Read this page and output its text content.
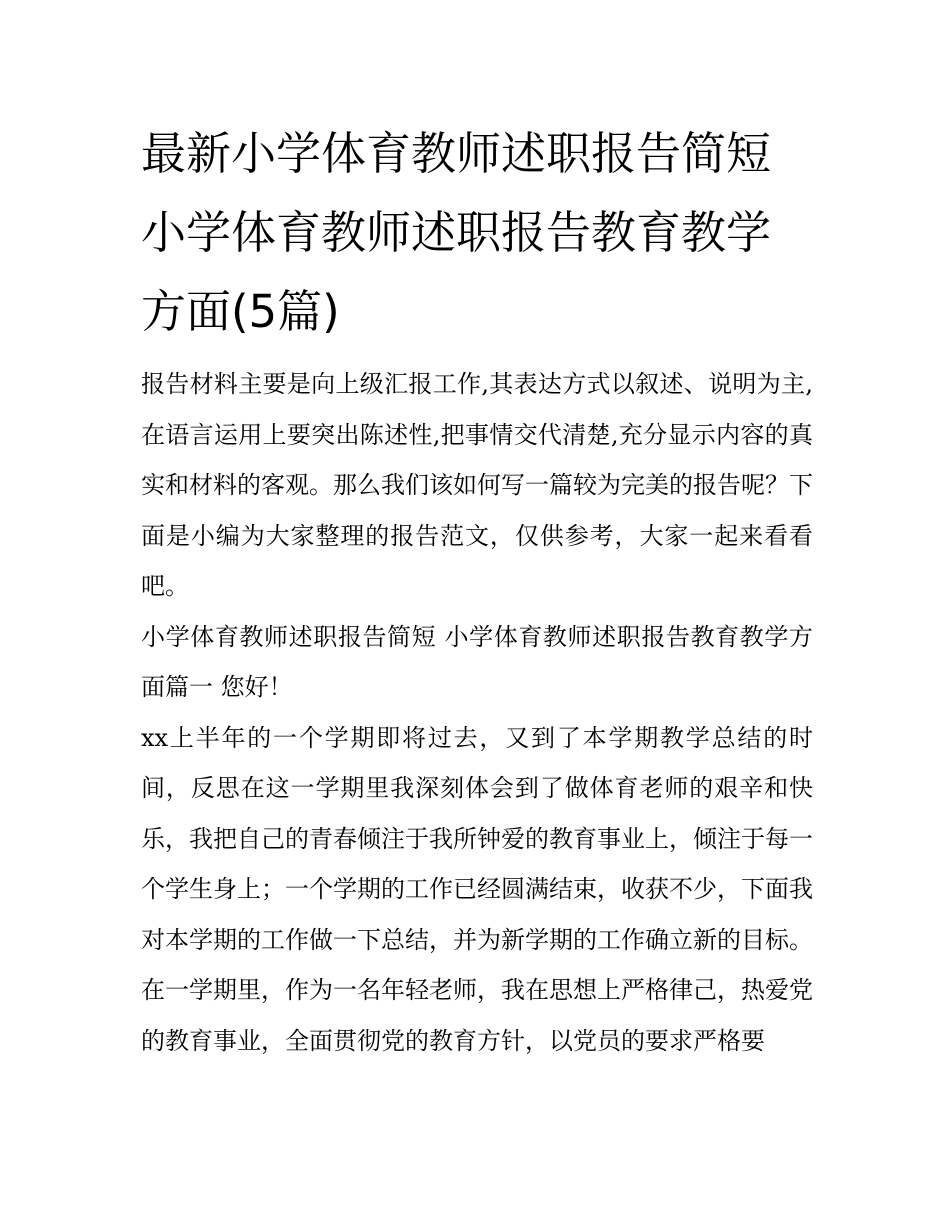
最新小学体育教师述职报告简短 小学体育教师述职报告教育教学方面(5篇)

报告材料主要是向上级汇报工作,其表达方式以叙述、说明为主,在语言运用上要突出陈述性,把事情交代清楚,充分显示内容的真实和材料的客观。那么我们该如何写一篇较为完美的报告呢？下面是小编为大家整理的报告范文，仅供参考，大家一起来看看吧。

小学体育教师述职报告简短 小学体育教师述职报告教育教学方面篇一 您好！

xx上半年的一个学期即将过去，又到了本学期教学总结的时间，反思在这一学期里我深刻体会到了做体育老师的艰辛和快乐，我把自己的青春倾注于我所钟爱的教育事业上，倾注于每一个学生身上；一个学期的工作已经圆满结束，收获不少，下面我对本学期的工作做一下总结，并为新学期的工作确立新的目标。

在一学期里，作为一名年轻老师，我在思想上严格律己，热爱党的教育事业，全面贯彻党的教育方针，以党员的要求严格要
